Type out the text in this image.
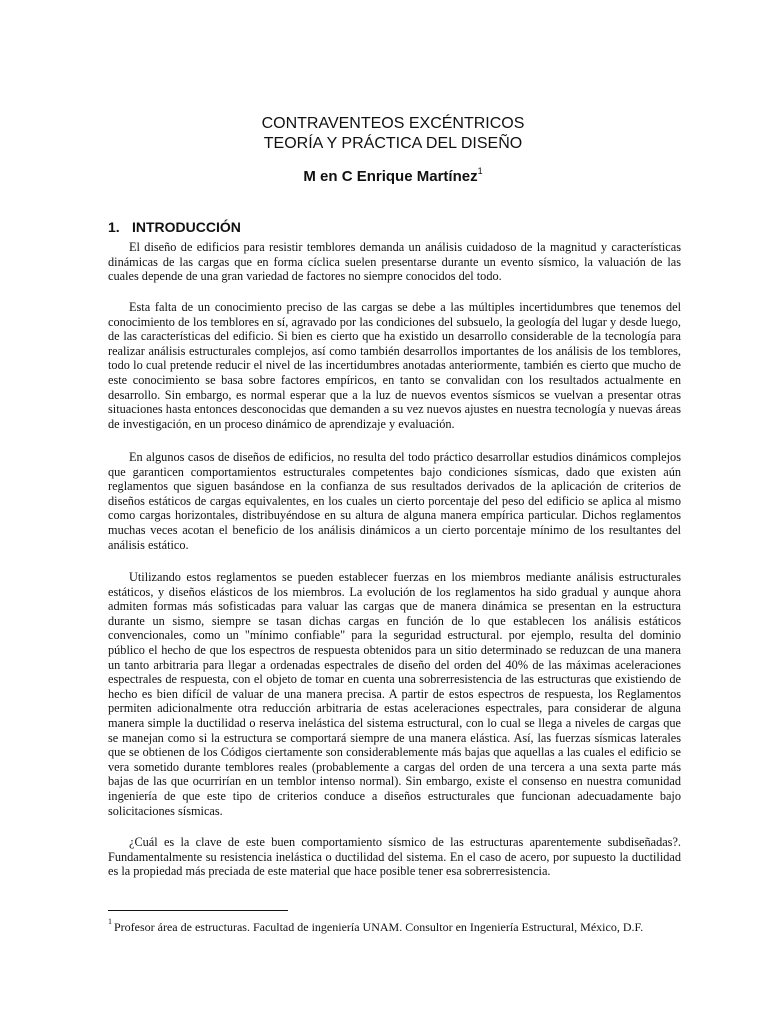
CONTRAVENTEOS EXCÉNTRICOS
TEORÍA Y PRÁCTICA DEL DISEÑO
M en C Enrique Martínez$^1$
1. INTRODUCCIÓN

El diseño de edificios para resistir temblores demanda un análisis cuidadoso de la magnitud y características dinámicas de las cargas que en forma cíclica suelen presentarse durante un evento sísmico, la valuación de las cuales depende de una gran variedad de factores no siempre conocidos del todo.

Esta falta de un conocimiento preciso de las cargas se debe a las múltiples incertidumbres que tenemos del conocimiento de los temblores en sí, agravado por las condiciones del subsuelo, la geología del lugar y desde luego, de las características del edificio. Si bien es cierto que ha existido un desarrollo considerable de la tecnología para realizar análisis estructurales complejos, así como también desarrollos importantes de los análisis de los temblores, todo lo cual pretende reducir el nivel de las incertidumbres anotadas anteriormente, también es cierto que mucho de este conocimiento se basa sobre factores empíricos, en tanto se convalidan con los resultados actualmente en desarrollo. Sin embargo, es normal esperar que a la luz de nuevos eventos sísmicos se vuelvan a presentar otras situaciones hasta entonces desconocidas que demanden a su vez nuevos ajustes en nuestra tecnología y nuevas áreas de investigación, en un proceso dinámico de aprendizaje y evaluación.

En algunos casos de diseños de edificios, no resulta del todo práctico desarrollar estudios dinámicos complejos que garanticen comportamientos estructurales competentes bajo condiciones sísmicas, dado que existen aún reglamentos que siguen basándose en la confianza de sus resultados derivados de la aplicación de criterios de diseños estáticos de cargas equivalentes, en los cuales un cierto porcentaje del peso del edificio se aplica al mismo como cargas horizontales, distribuyéndose en su altura de alguna manera empírica particular. Dichos reglamentos muchas veces acotan el beneficio de los análisis dinámicos a un cierto porcentaje mínimo de los resultantes del análisis estático.

Utilizando estos reglamentos se pueden establecer fuerzas en los miembros mediante análisis estructurales estáticos, y diseños elásticos de los miembros. La evolución de los reglamentos ha sido gradual y aunque ahora admiten formas más sofisticadas para valuar las cargas que de manera dinámica se presentan en la estructura durante un sismo, siempre se tasan dichas cargas en función de lo que establecen los análisis estáticos convencionales, como un "mínimo confiable" para la seguridad estructural. por ejemplo, resulta del dominio público el hecho de que los espectros de respuesta obtenidos para un sitio determinado se reduzcan de una manera un tanto arbitraria para llegar a ordenadas espectrales de diseño del orden del 40% de las máximas aceleraciones espectrales de respuesta, con el objeto de tomar en cuenta una sobrerresistencia de las estructuras que existiendo de hecho es bien difícil de valuar de una manera precisa. A partir de estos espectros de respuesta, los Reglamentos permiten adicionalmente otra reducción arbitraria de estas aceleraciones espectrales, para considerar de alguna manera simple la ductilidad o reserva inelástica del sistema estructural, con lo cual se llega a niveles de cargas que se manejan como si la estructura se comportará siempre de una manera elástica. Así, las fuerzas sísmicas laterales que se obtienen de los Códigos ciertamente son considerablemente más bajas que aquellas a las cuales el edificio se vera sometido durante temblores reales (probablemente a cargas del orden de una tercera a una sexta parte más bajas de las que ocurrirían en un temblor intenso normal). Sin embargo, existe el consenso en nuestra comunidad ingeniería de que este tipo de criterios conduce a diseños estructurales que funcionan adecuadamente bajo solicitaciones sísmicas.

¿Cuál es la clave de este buen comportamiento sísmico de las estructuras aparentemente subdiseñadas?. Fundamentalmente su resistencia inelástica o ductilidad del sistema. En el caso de acero, por supuesto la ductilidad es la propiedad más preciada de este material que hace posible tener esa sobrerresistencia.

$^1$ Profesor área de estructuras. Facultad de ingeniería UNAM. Consultor en Ingeniería Estructural, México, D.F.
